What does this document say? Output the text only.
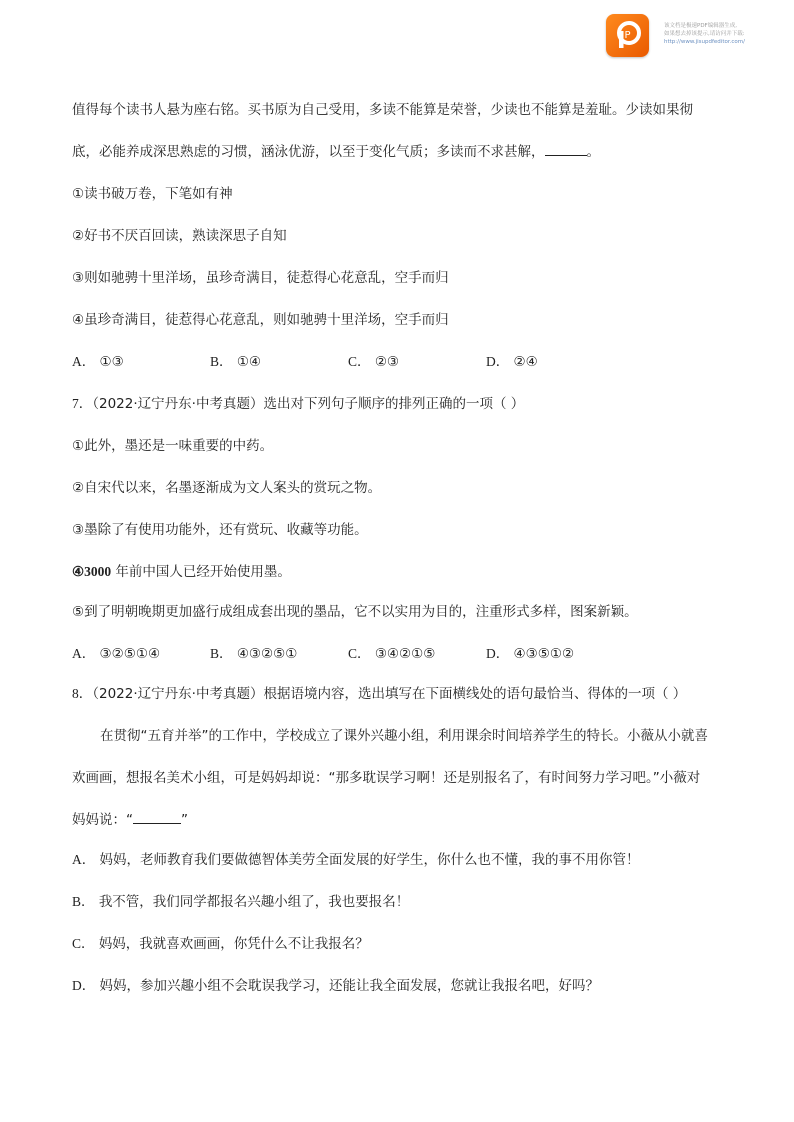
P
该文档是极速PDF编辑器生成,
如果想去掉该提示,请访问并下载:
http://www.jisupdfeditor.com/
值得每个读书人悬为座右铭。买书原为自己受用，多读不能算是荣誉，少读也不能算是羞耻。少读如果彻
底，必能养成深思熟虑的习惯，涵泳优游，以至于变化气质；多读而不求甚解，	。
①读书破万卷，下笔如有神
②好书不厌百回读，熟读深思子自知
③则如驰骋十里洋场，虽珍奇满目，徒惹得心花意乱，空手而归
④虽珍奇满目，徒惹得心花意乱，则如驰骋十里洋场，空手而归
A． ①③	B． ①④	C． ②③	D． ②④
7．（2022·辽宁丹东·中考真题）选出对下列句子顺序的排列正确的一项（ ）
①此外，墨还是一味重要的中药。
②自宋代以来，名墨逐渐成为文人案头的赏玩之物。
③墨除了有使用功能外，还有赏玩、收藏等功能。
④3000 年前中国人已经开始使用墨。
⑤到了明朝晚期更加盛行成组成套出现的墨品，它不以实用为目的，注重形式多样，图案新颖。
A． ③②⑤①④	B． ④③②⑤①	C． ③④②①⑤	D． ④③⑤①②
8．（2022·辽宁丹东·中考真题）根据语境内容，选出填写在下面横线处的语句最恰当、得体的一项（ ）
在贯彻“五育并举”的工作中，学校成立了课外兴趣小组，利用课余时间培养学生的特长。小薇从小就喜
欢画画，想报名美术小组，可是妈妈却说：“那多耽误学习啊！还是别报名了，有时间努力学习吧。”小薇对
妈妈说：“	”
A． 妈妈，老师教育我们要做德智体美劳全面发展的好学生，你什么也不懂，我的事不用你管！
B． 我不管，我们同学都报名兴趣小组了，我也要报名！
C． 妈妈，我就喜欢画画，你凭什么不让我报名？
D． 妈妈，参加兴趣小组不会耽误我学习，还能让我全面发展，您就让我报名吧，好吗？
